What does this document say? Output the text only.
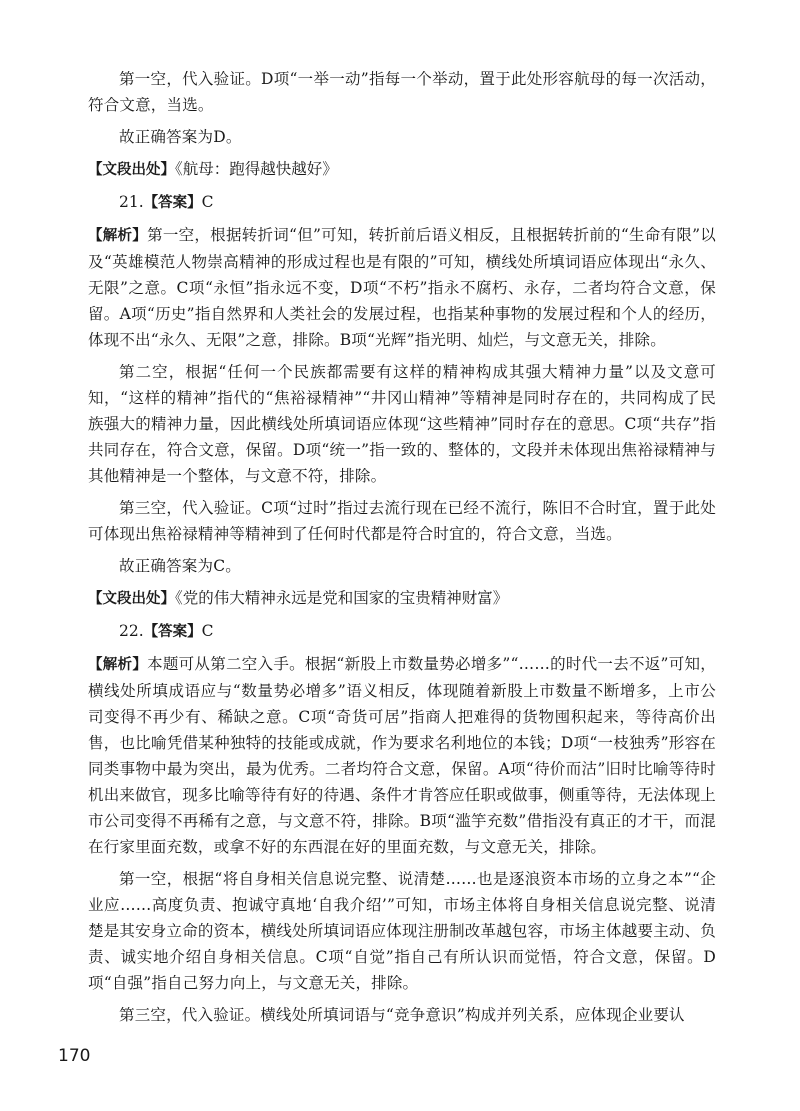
第一空，代入验证。D项“一举一动”指每一个举动，置于此处形容航母的每一次活动，符合文意，当选。

故正确答案为D。

【文段出处】《航母：跑得越快越好》

21.【答案】C

【解析】第一空，根据转折词“但”可知，转折前后语义相反，且根据转折前的“生命有限”以及“英雄模范人物崇高精神的形成过程也是有限的”可知，横线处所填词语应体现出“永久、无限”之意。C项“永恒”指永远不变，D项“不朽”指永不腐朽、永存，二者均符合文意，保留。A项“历史”指自然界和人类社会的发展过程，也指某种事物的发展过程和个人的经历，体现不出“永久、无限”之意，排除。B项“光辉”指光明、灿烂，与文意无关，排除。

第二空，根据“任何一个民族都需要有这样的精神构成其强大精神力量”以及文意可知，“这样的精神”指代的“焦裕禄精神”“井冈山精神”等精神是同时存在的，共同构成了民族强大的精神力量，因此横线处所填词语应体现“这些精神”同时存在的意思。C项“共存”指共同存在，符合文意，保留。D项“统一”指一致的、整体的，文段并未体现出焦裕禄精神与其他精神是一个整体，与文意不符，排除。

第三空，代入验证。C项“过时”指过去流行现在已经不流行，陈旧不合时宜，置于此处可体现出焦裕禄精神等精神到了任何时代都是符合时宜的，符合文意，当选。

故正确答案为C。

【文段出处】《党的伟大精神永远是党和国家的宝贵精神财富》

22.【答案】C

【解析】本题可从第二空入手。根据“新股上市数量势必增多”“……的时代一去不返”可知，横线处所填成语应与“数量势必增多”语义相反，体现随着新股上市数量不断增多，上市公司变得不再少有、稀缺之意。C项“奇货可居”指商人把难得的货物囤积起来，等待高价出售，也比喻凭借某种独特的技能或成就，作为要求名利地位的本钱；D项“一枝独秀”形容在同类事物中最为突出，最为优秀。二者均符合文意，保留。A项“待价而沽”旧时比喻等待时机出来做官，现多比喻等待有好的待遇、条件才肯答应任职或做事，侧重等待，无法体现上市公司变得不再稀有之意，与文意不符，排除。B项“滥竽充数”借指没有真正的才干，而混在行家里面充数，或拿不好的东西混在好的里面充数，与文意无关，排除。

第一空，根据“将自身相关信息说完整、说清楚……也是逐浪资本市场的立身之本”“企业应……高度负责、抱诚守真地‘自我介绍’”可知，市场主体将自身相关信息说完整、说清楚是其安身立命的资本，横线处所填词语应体现注册制改革越包容，市场主体越要主动、负责、诚实地介绍自身相关信息。C项“自觉”指自己有所认识而觉悟，符合文意，保留。D项“自强”指自己努力向上，与文意无关，排除。

第三空，代入验证。横线处所填词语与“竞争意识”构成并列关系，应体现企业要认

170
